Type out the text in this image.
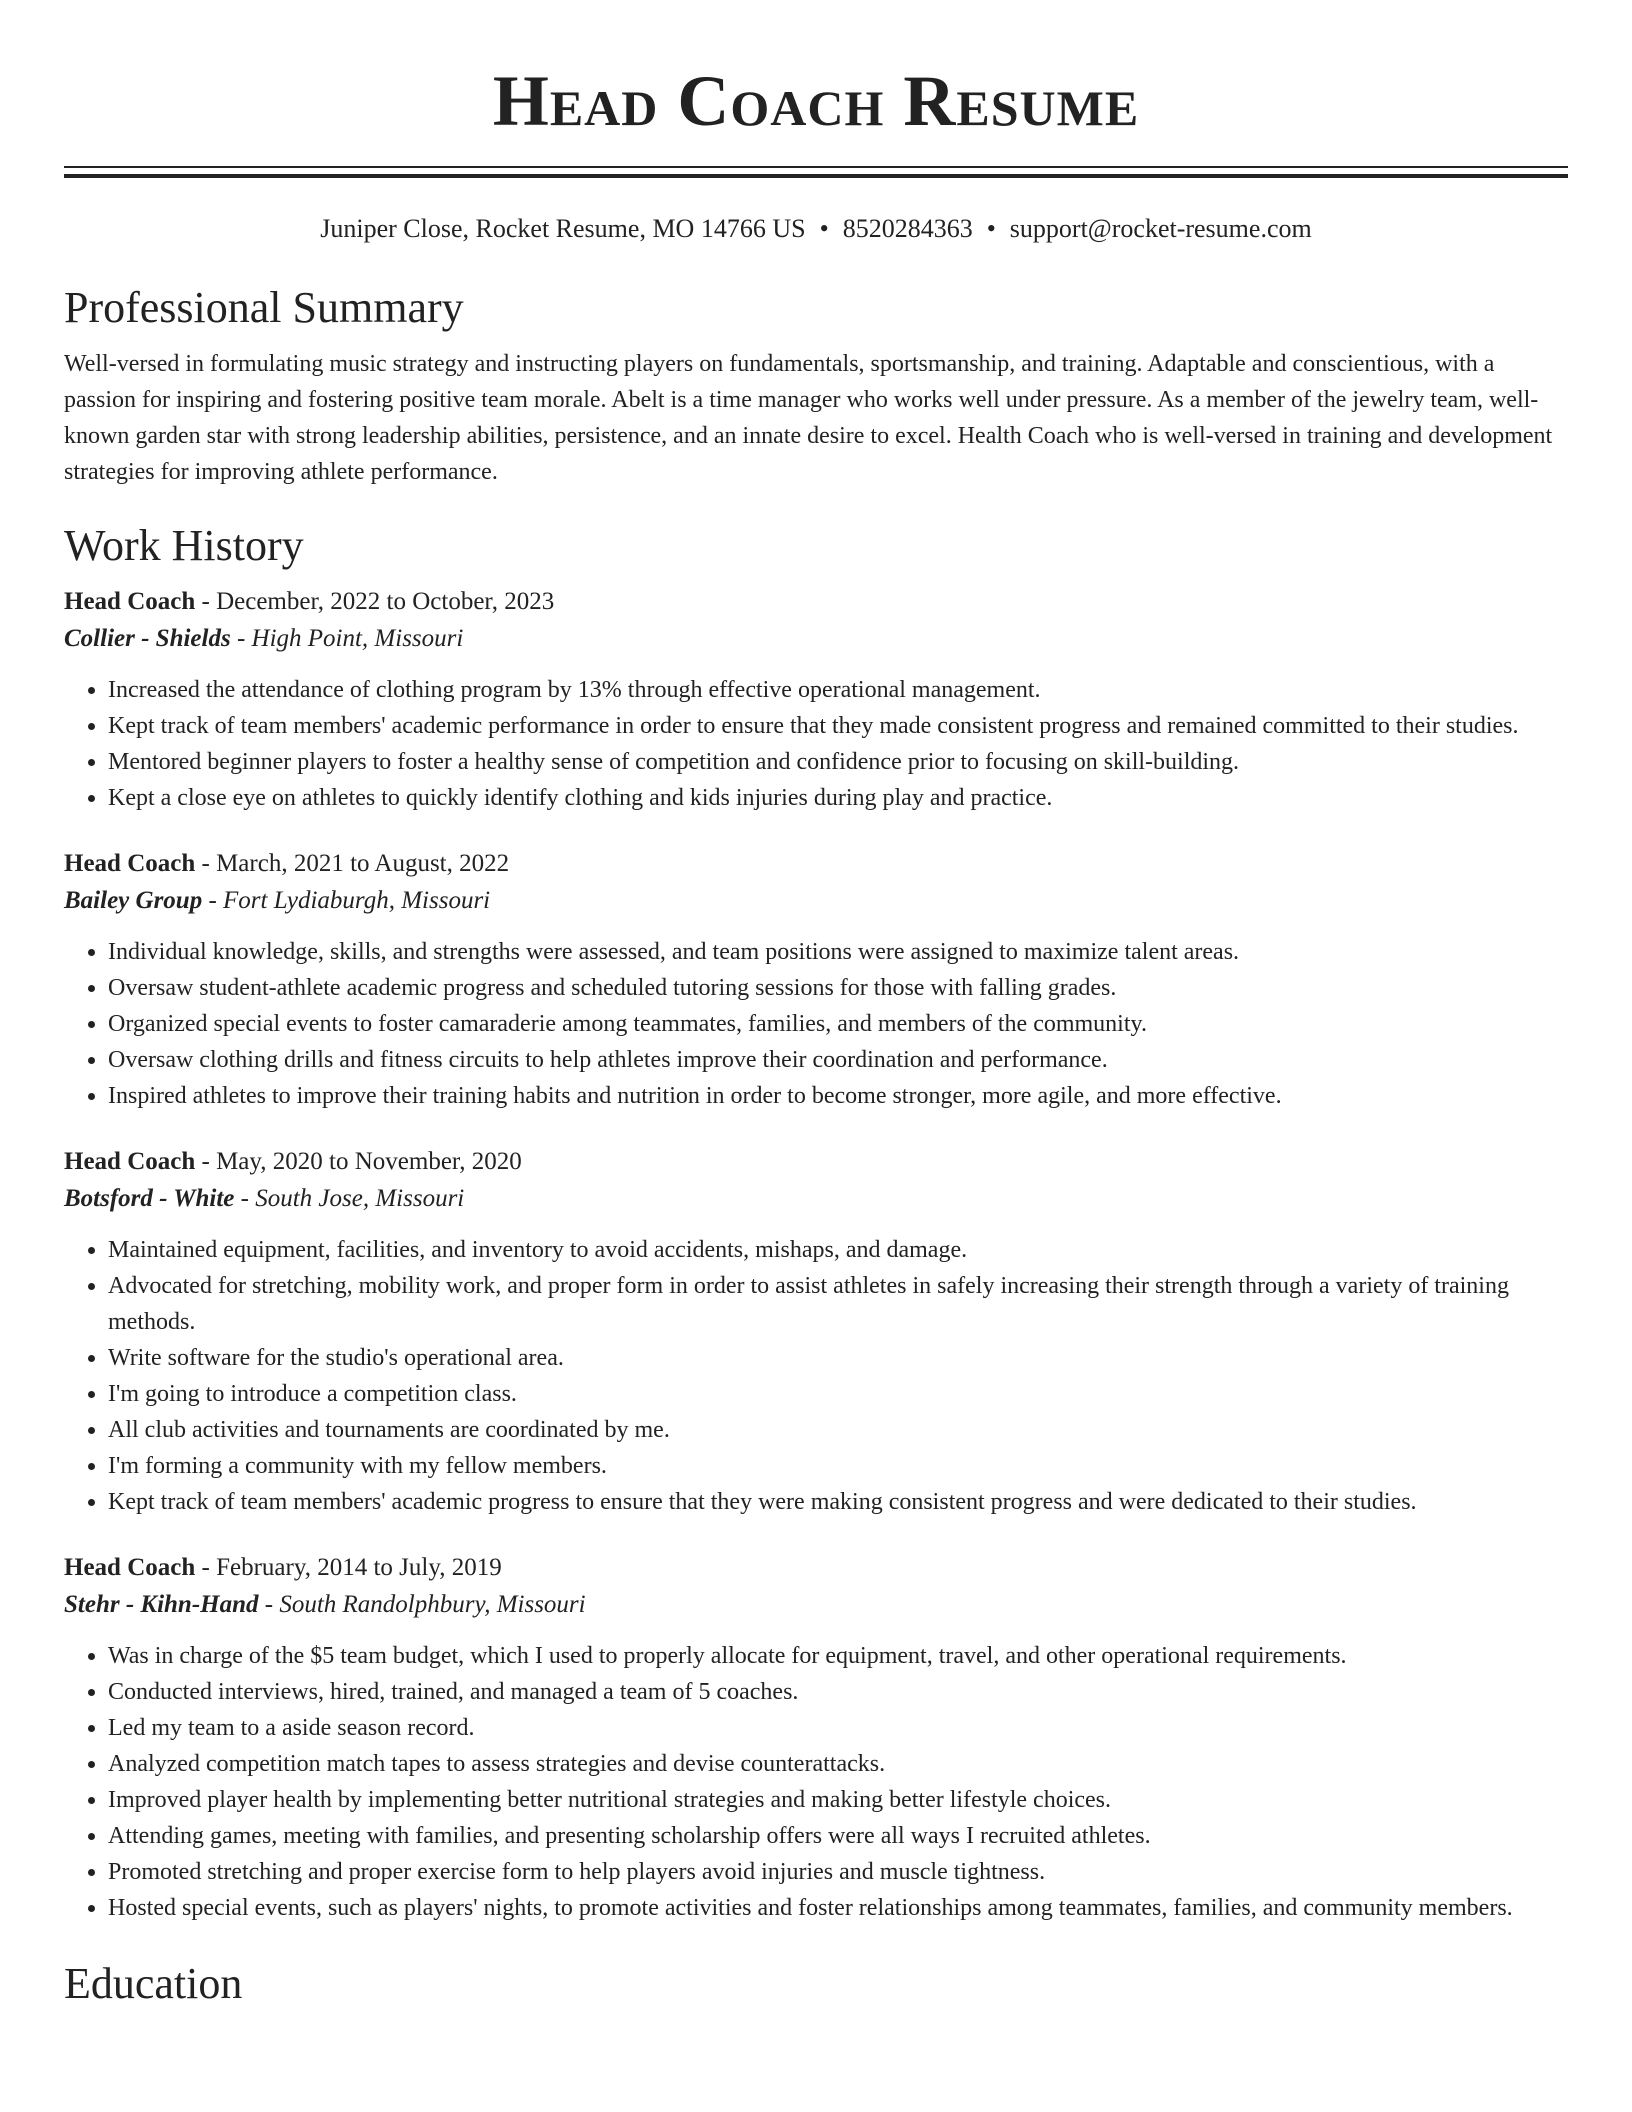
Head Coach Resume
Juniper Close, Rocket Resume, MO 14766 US • 8520284363 • support@rocket-resume.com
Professional Summary

Well-versed in formulating music strategy and instructing players on fundamentals, sportsmanship, and training. Adaptable and conscientious, with a passion for inspiring and fostering positive team morale. Abelt is a time manager who works well under pressure. As a member of the jewelry team, well-known garden star with strong leadership abilities, persistence, and an innate desire to excel. Health Coach who is well-versed in training and development strategies for improving athlete performance.

Work History
Head Coach - December, 2022 to October, 2023
Collier - Shields - High Point, Missouri
• Increased the attendance of clothing program by 13% through effective operational management.
• Kept track of team members' academic performance in order to ensure that they made consistent progress and remained committed to their studies.
• Mentored beginner players to foster a healthy sense of competition and confidence prior to focusing on skill-building.
• Kept a close eye on athletes to quickly identify clothing and kids injuries during play and practice.
Head Coach - March, 2021 to August, 2022
Bailey Group - Fort Lydiaburgh, Missouri
• Individual knowledge, skills, and strengths were assessed, and team positions were assigned to maximize talent areas.
• Oversaw student-athlete academic progress and scheduled tutoring sessions for those with falling grades.
• Organized special events to foster camaraderie among teammates, families, and members of the community.
• Oversaw clothing drills and fitness circuits to help athletes improve their coordination and performance.
• Inspired athletes to improve their training habits and nutrition in order to become stronger, more agile, and more effective.
Head Coach - May, 2020 to November, 2020
Botsford - White - South Jose, Missouri
• Maintained equipment, facilities, and inventory to avoid accidents, mishaps, and damage.
• Advocated for stretching, mobility work, and proper form in order to assist athletes in safely increasing their strength through a variety of training methods.
• Write software for the studio's operational area.
• I'm going to introduce a competition class.
• All club activities and tournaments are coordinated by me.
• I'm forming a community with my fellow members.
• Kept track of team members' academic progress to ensure that they were making consistent progress and were dedicated to their studies.
Head Coach - February, 2014 to July, 2019
Stehr - Kihn-Hand - South Randolphbury, Missouri
• Was in charge of the $5 team budget, which I used to properly allocate for equipment, travel, and other operational requirements.
• Conducted interviews, hired, trained, and managed a team of 5 coaches.
• Led my team to a aside season record.
• Analyzed competition match tapes to assess strategies and devise counterattacks.
• Improved player health by implementing better nutritional strategies and making better lifestyle choices.
• Attending games, meeting with families, and presenting scholarship offers were all ways I recruited athletes.
• Promoted stretching and proper exercise form to help players avoid injuries and muscle tightness.
• Hosted special events, such as players' nights, to promote activities and foster relationships among teammates, families, and community members.
Education
